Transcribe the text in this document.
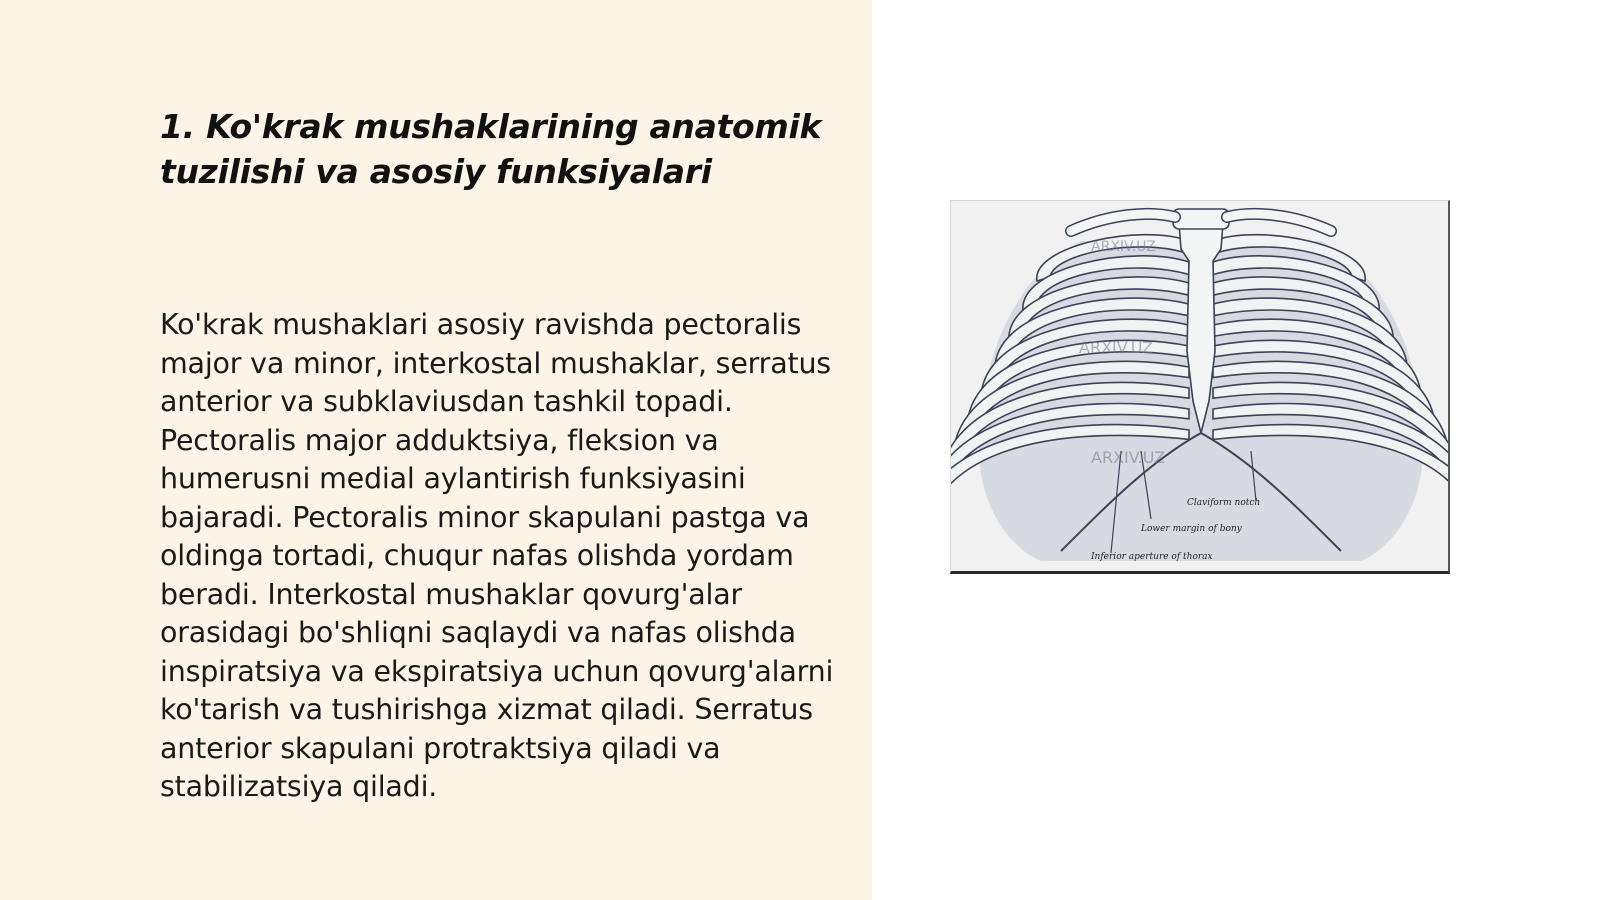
1. Ko'krak mushaklarining anatomik tuzilishi va asosiy funksiyalari

Ko'krak mushaklari asosiy ravishda pectoralis major va minor, interkostal mushaklar, serratus anterior va subklaviusdan tashkil topadi. Pectoralis major adduktsiya, fleksion va humerusni medial aylantirish funksiyasini bajaradi. Pectoralis minor skapulani pastga va oldinga tortadi, chuqur nafas olishda yordam beradi. Interkostal mushaklar qovurg'alar orasidagi bo'shliqni saqlaydi va nafas olishda inspiratsiya va ekspiratsiya uchun qovurg'alarni ko'tarish va tushirishga xizmat qiladi. Serratus anterior skapulani protraktsiya qiladi va stabilizatsiya qiladi.

ARXIV.UZ
ARXIV.UZ
ARXIV.UZ
Claviform notch
Lower margin of bony
Inferior aperture of thorax
